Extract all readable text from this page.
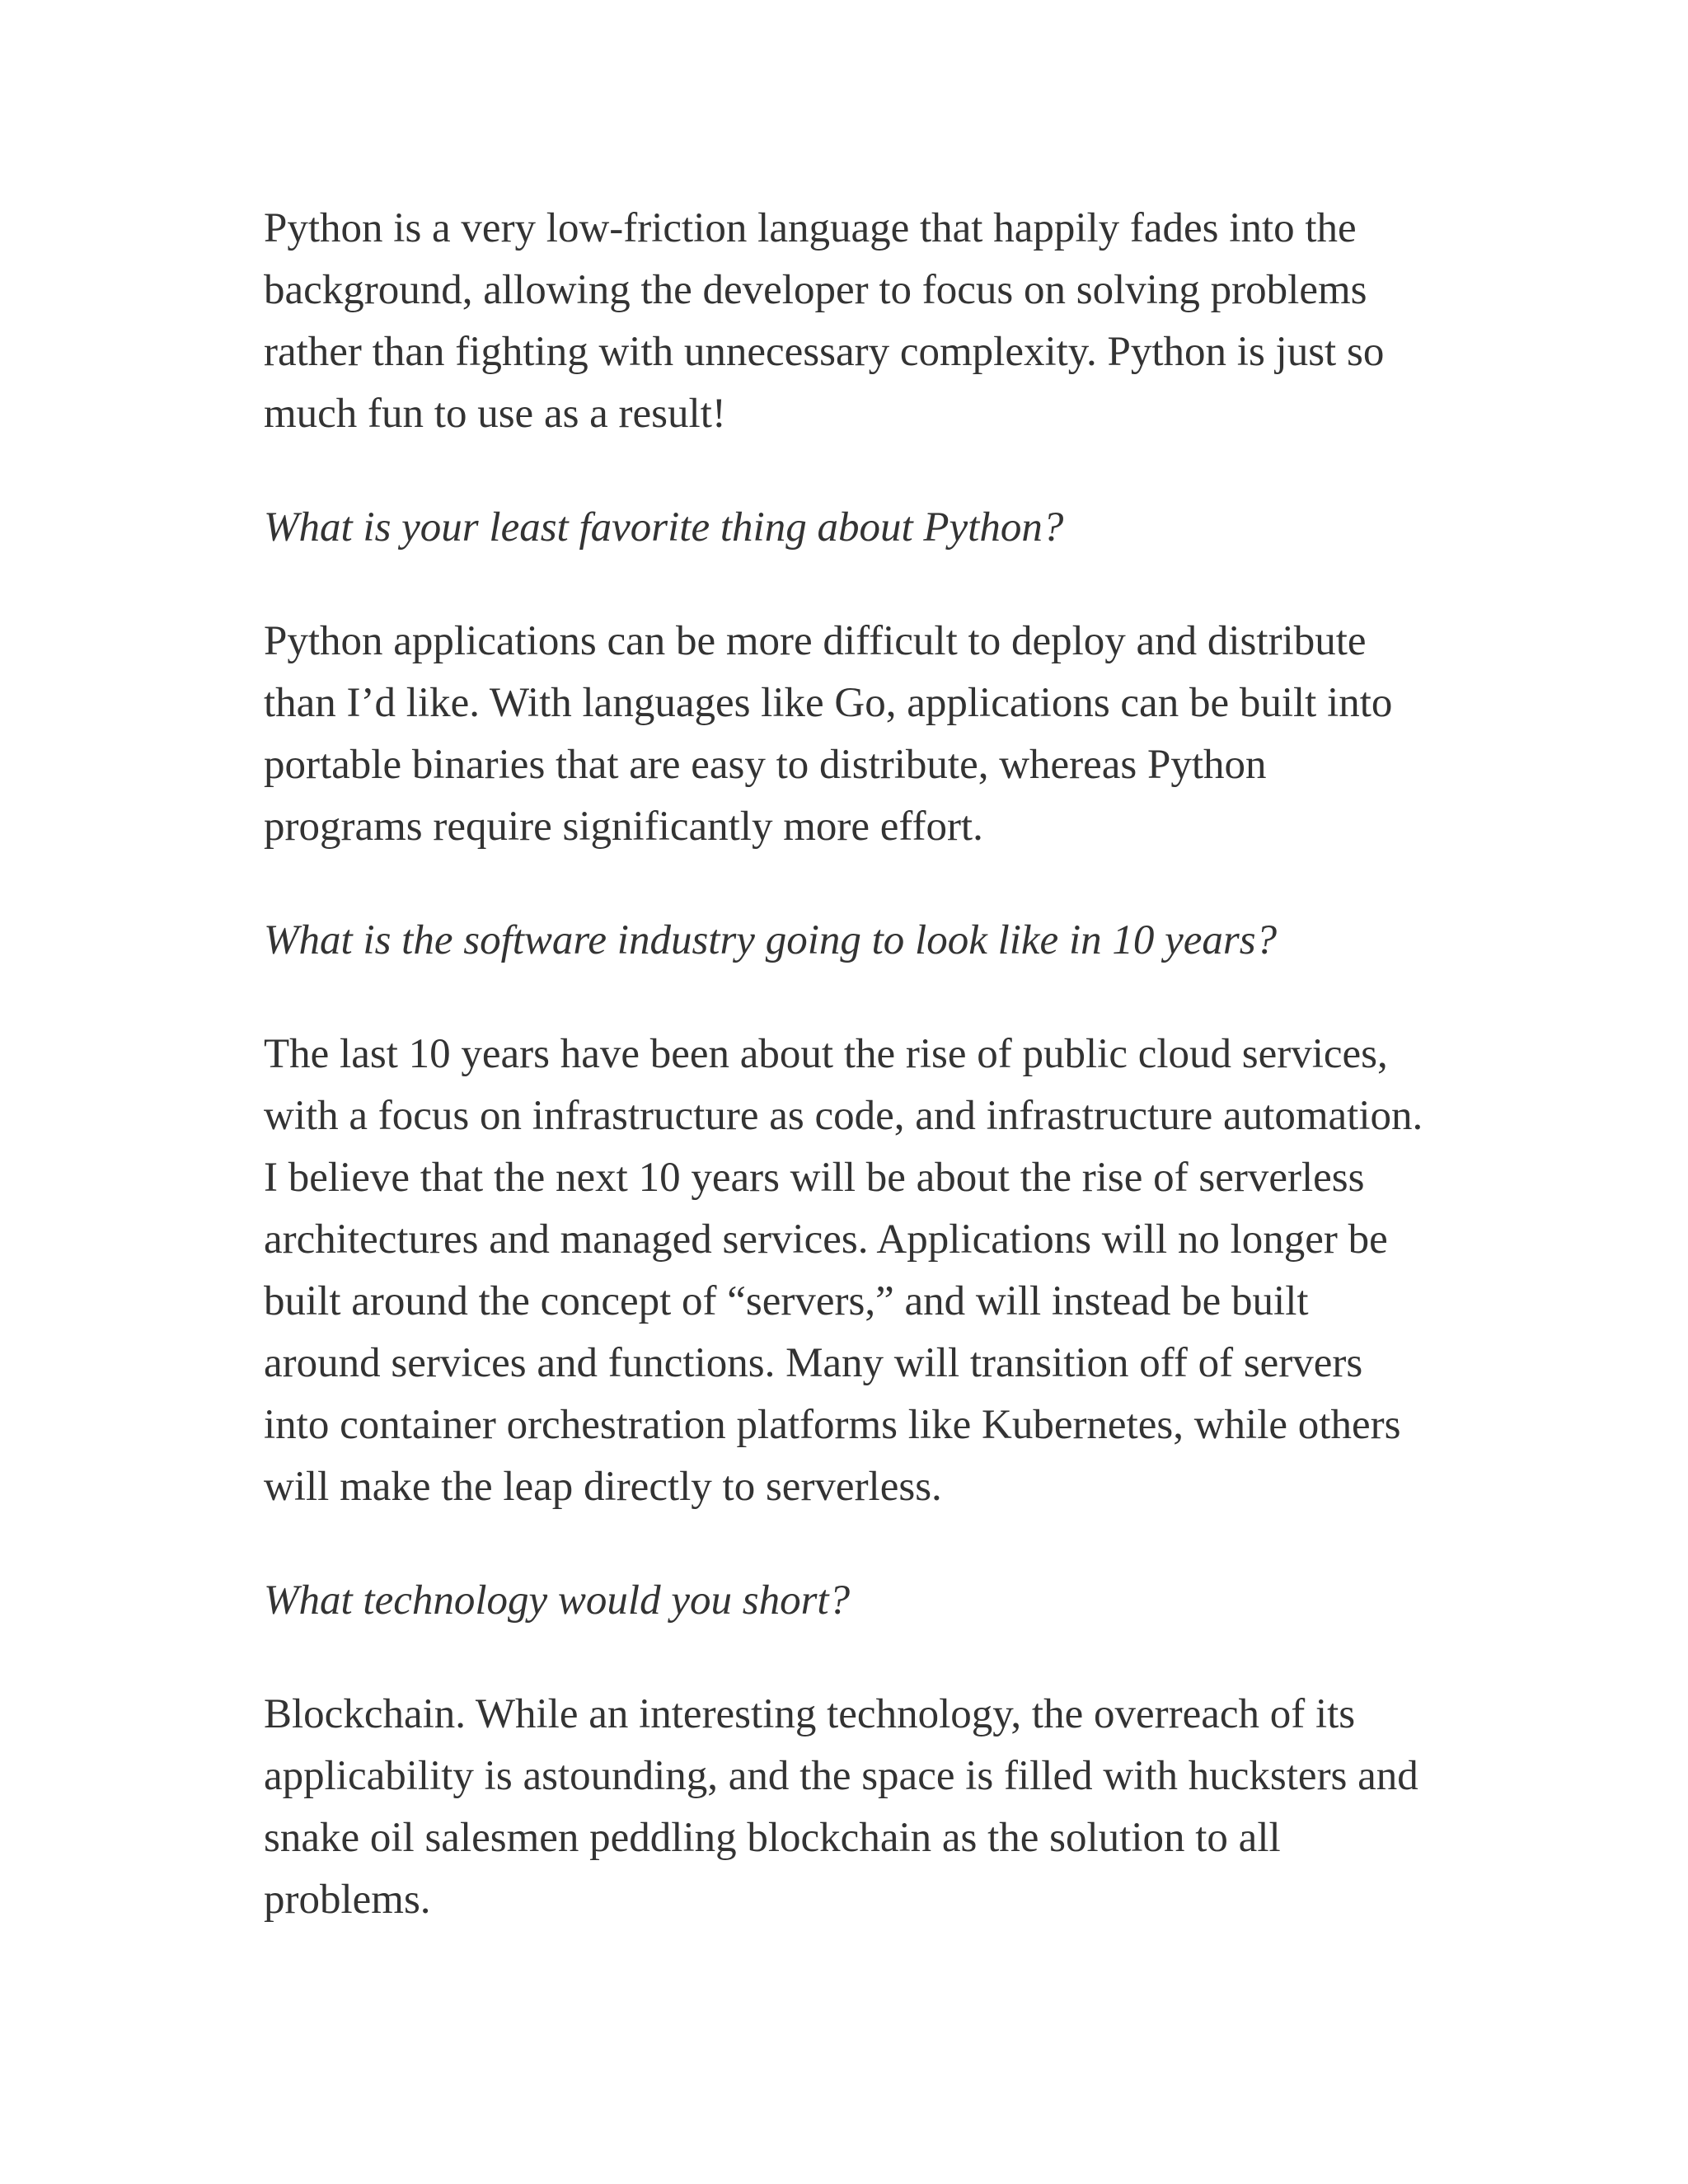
Python is a very low-friction language that happily fades into the background, allowing the developer to focus on solving problems rather than fighting with unnecessary complexity. Python is just so much fun to use as a result!

What is your least favorite thing about Python?

Python applications can be more difficult to deploy and distribute than I’d like. With languages like Go, applications can be built into portable binaries that are easy to distribute, whereas Python programs require significantly more effort.

What is the software industry going to look like in 10 years?

The last 10 years have been about the rise of public cloud services, with a focus on infrastructure as code, and infrastructure automation. I believe that the next 10 years will be about the rise of serverless architectures and managed services. Applications will no longer be built around the concept of “servers,” and will instead be built around services and functions. Many will transition off of servers into container orchestration platforms like Kubernetes, while others will make the leap directly to serverless.

What technology would you short?

Blockchain. While an interesting technology, the overreach of its applicability is astounding, and the space is filled with hucksters and snake oil salesmen peddling blockchain as the solution to all problems.
